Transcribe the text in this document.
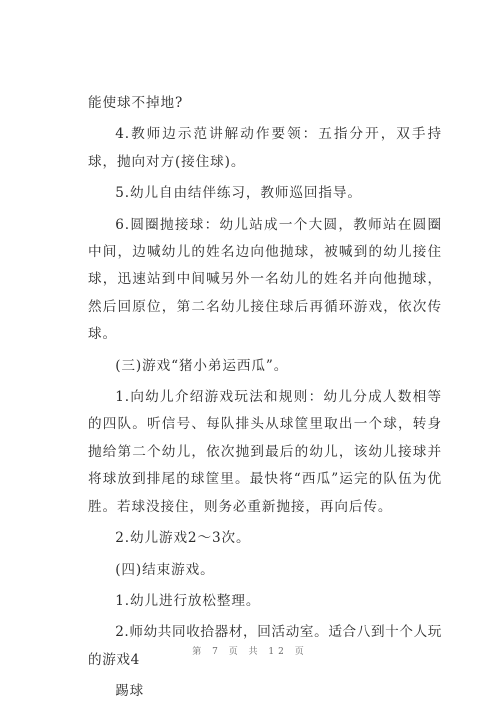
能使球不掉地?

4.教师边示范讲解动作要领：五指分开，双手持球，抛向对方(接住球)。

5.幼儿自由结伴练习，教师巡回指导。

6.圆圈抛接球：幼儿站成一个大圆，教师站在圆圈中间，边喊幼儿的姓名边向他抛球，被喊到的幼儿接住球，迅速站到中间喊另外一名幼儿的姓名并向他抛球，然后回原位，第二名幼儿接住球后再循环游戏，依次传球。

(三)游戏“猪小弟运西瓜”。

1.向幼儿介绍游戏玩法和规则：幼儿分成人数相等的四队。听信号、每队排头从球筐里取出一个球，转身抛给第二个幼儿，依次抛到最后的幼儿，该幼儿接球并将球放到排尾的球筐里。最快将“西瓜”运完的队伍为优胜。若球没接住，则务必重新抛接，再向后传。

2.幼儿游戏2～3次。

(四)结束游戏。

1.幼儿进行放松整理。

2.师幼共同收拾器材，回活动室。适合八到十个人玩的游戏4

踢球

第 7 页 共 12 页
